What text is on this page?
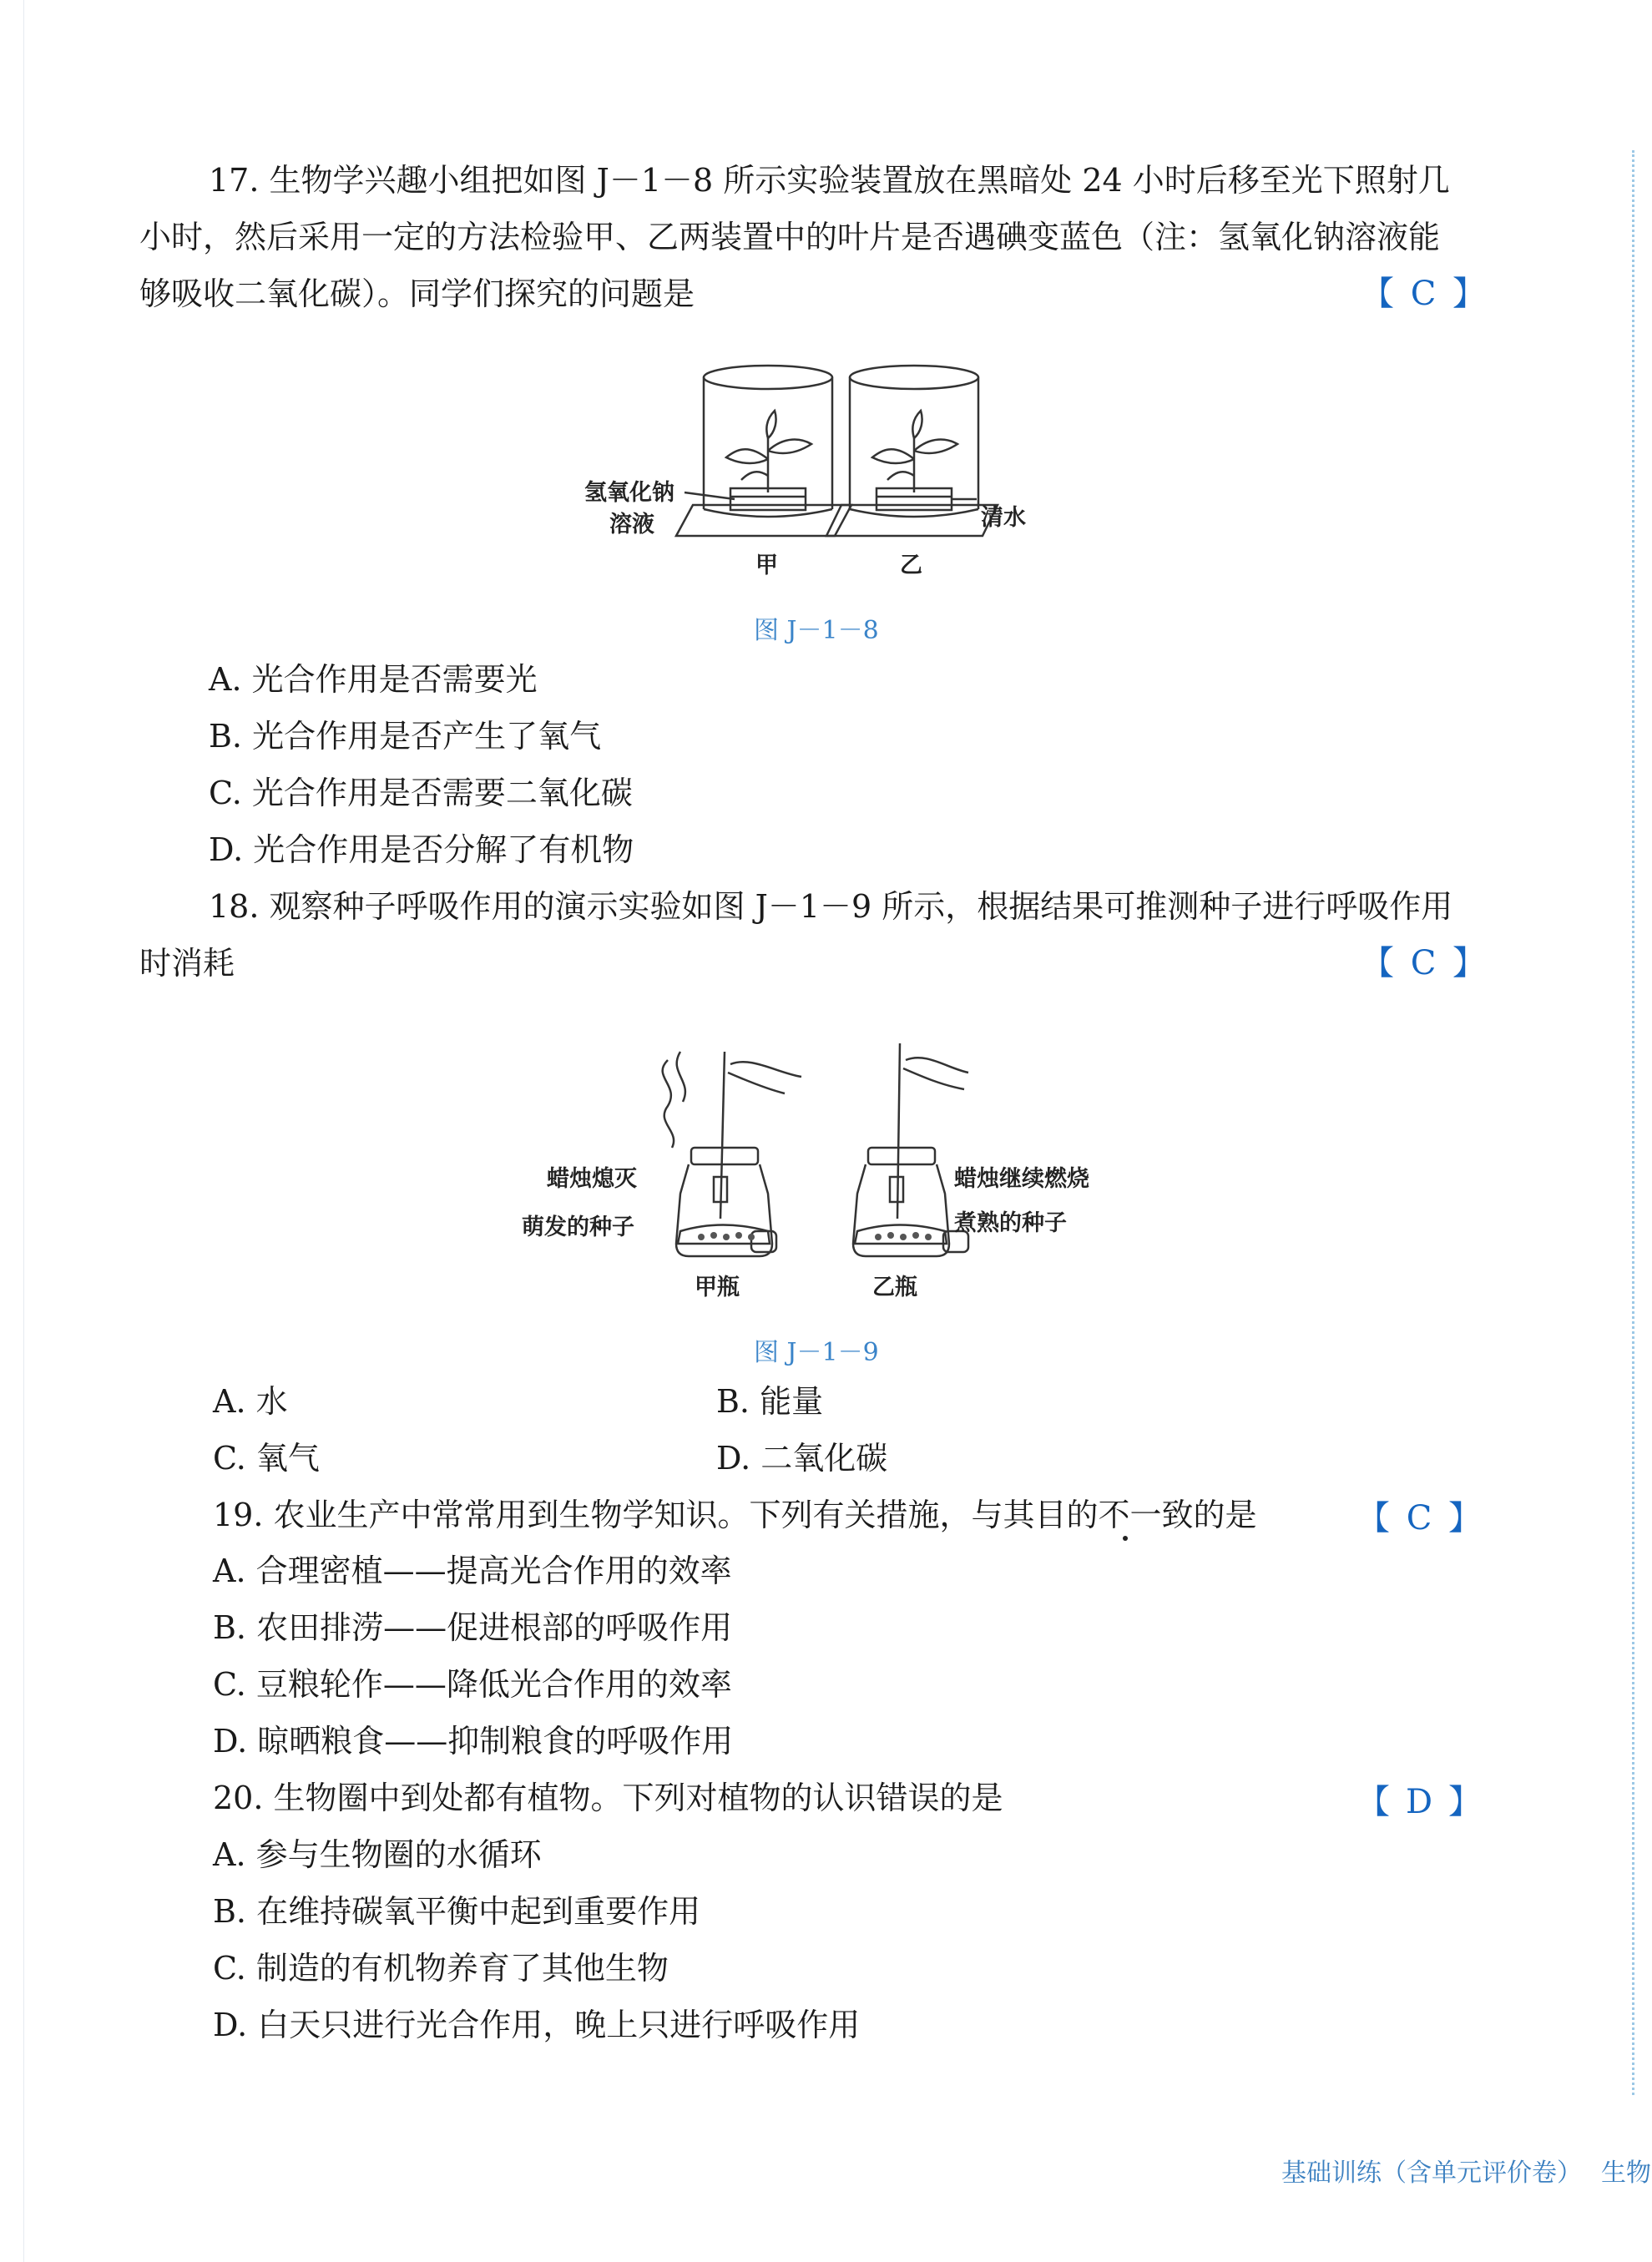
17. 生物学兴趣小组把如图 J－1－8 所示实验装置放在黑暗处 24 小时后移至光下照射几
小时，然后采用一定的方法检验甲、乙两装置中的叶片是否遇碘变蓝色（注：氢氧化钠溶液能
够吸收二氧化碳）。同学们探究的问题是	【 C 】
氢氧化钠
溶液	清水
甲	乙
图 J－1－8
A. 光合作用是否需要光
B. 光合作用是否产生了氧气
C. 光合作用是否需要二氧化碳
D. 光合作用是否分解了有机物
18. 观察种子呼吸作用的演示实验如图 J－1－9 所示，根据结果可推测种子进行呼吸作用
时消耗	【 C 】
蜡烛熄灭
萌发的种子
蜡烛继续燃烧
煮熟的种子
甲瓶	乙瓶
图 J－1－9
A. 水	B. 能量
C. 氧气	D. 二氧化碳
19. 农业生产中常常用到生物学知识。下列有关措施，与其目的不一致的是	【 C 】
A. 合理密植——提高光合作用的效率
B. 农田排涝——促进根部的呼吸作用
C. 豆粮轮作——降低光合作用的效率
D. 晾晒粮食——抑制粮食的呼吸作用
20. 生物圈中到处都有植物。下列对植物的认识错误的是	【 D 】
A. 参与生物圈的水循环
B. 在维持碳氧平衡中起到重要作用
C. 制造的有机物养育了其他生物
D. 白天只进行光合作用，晚上只进行呼吸作用
基础训练（含单元评价卷） 生物
